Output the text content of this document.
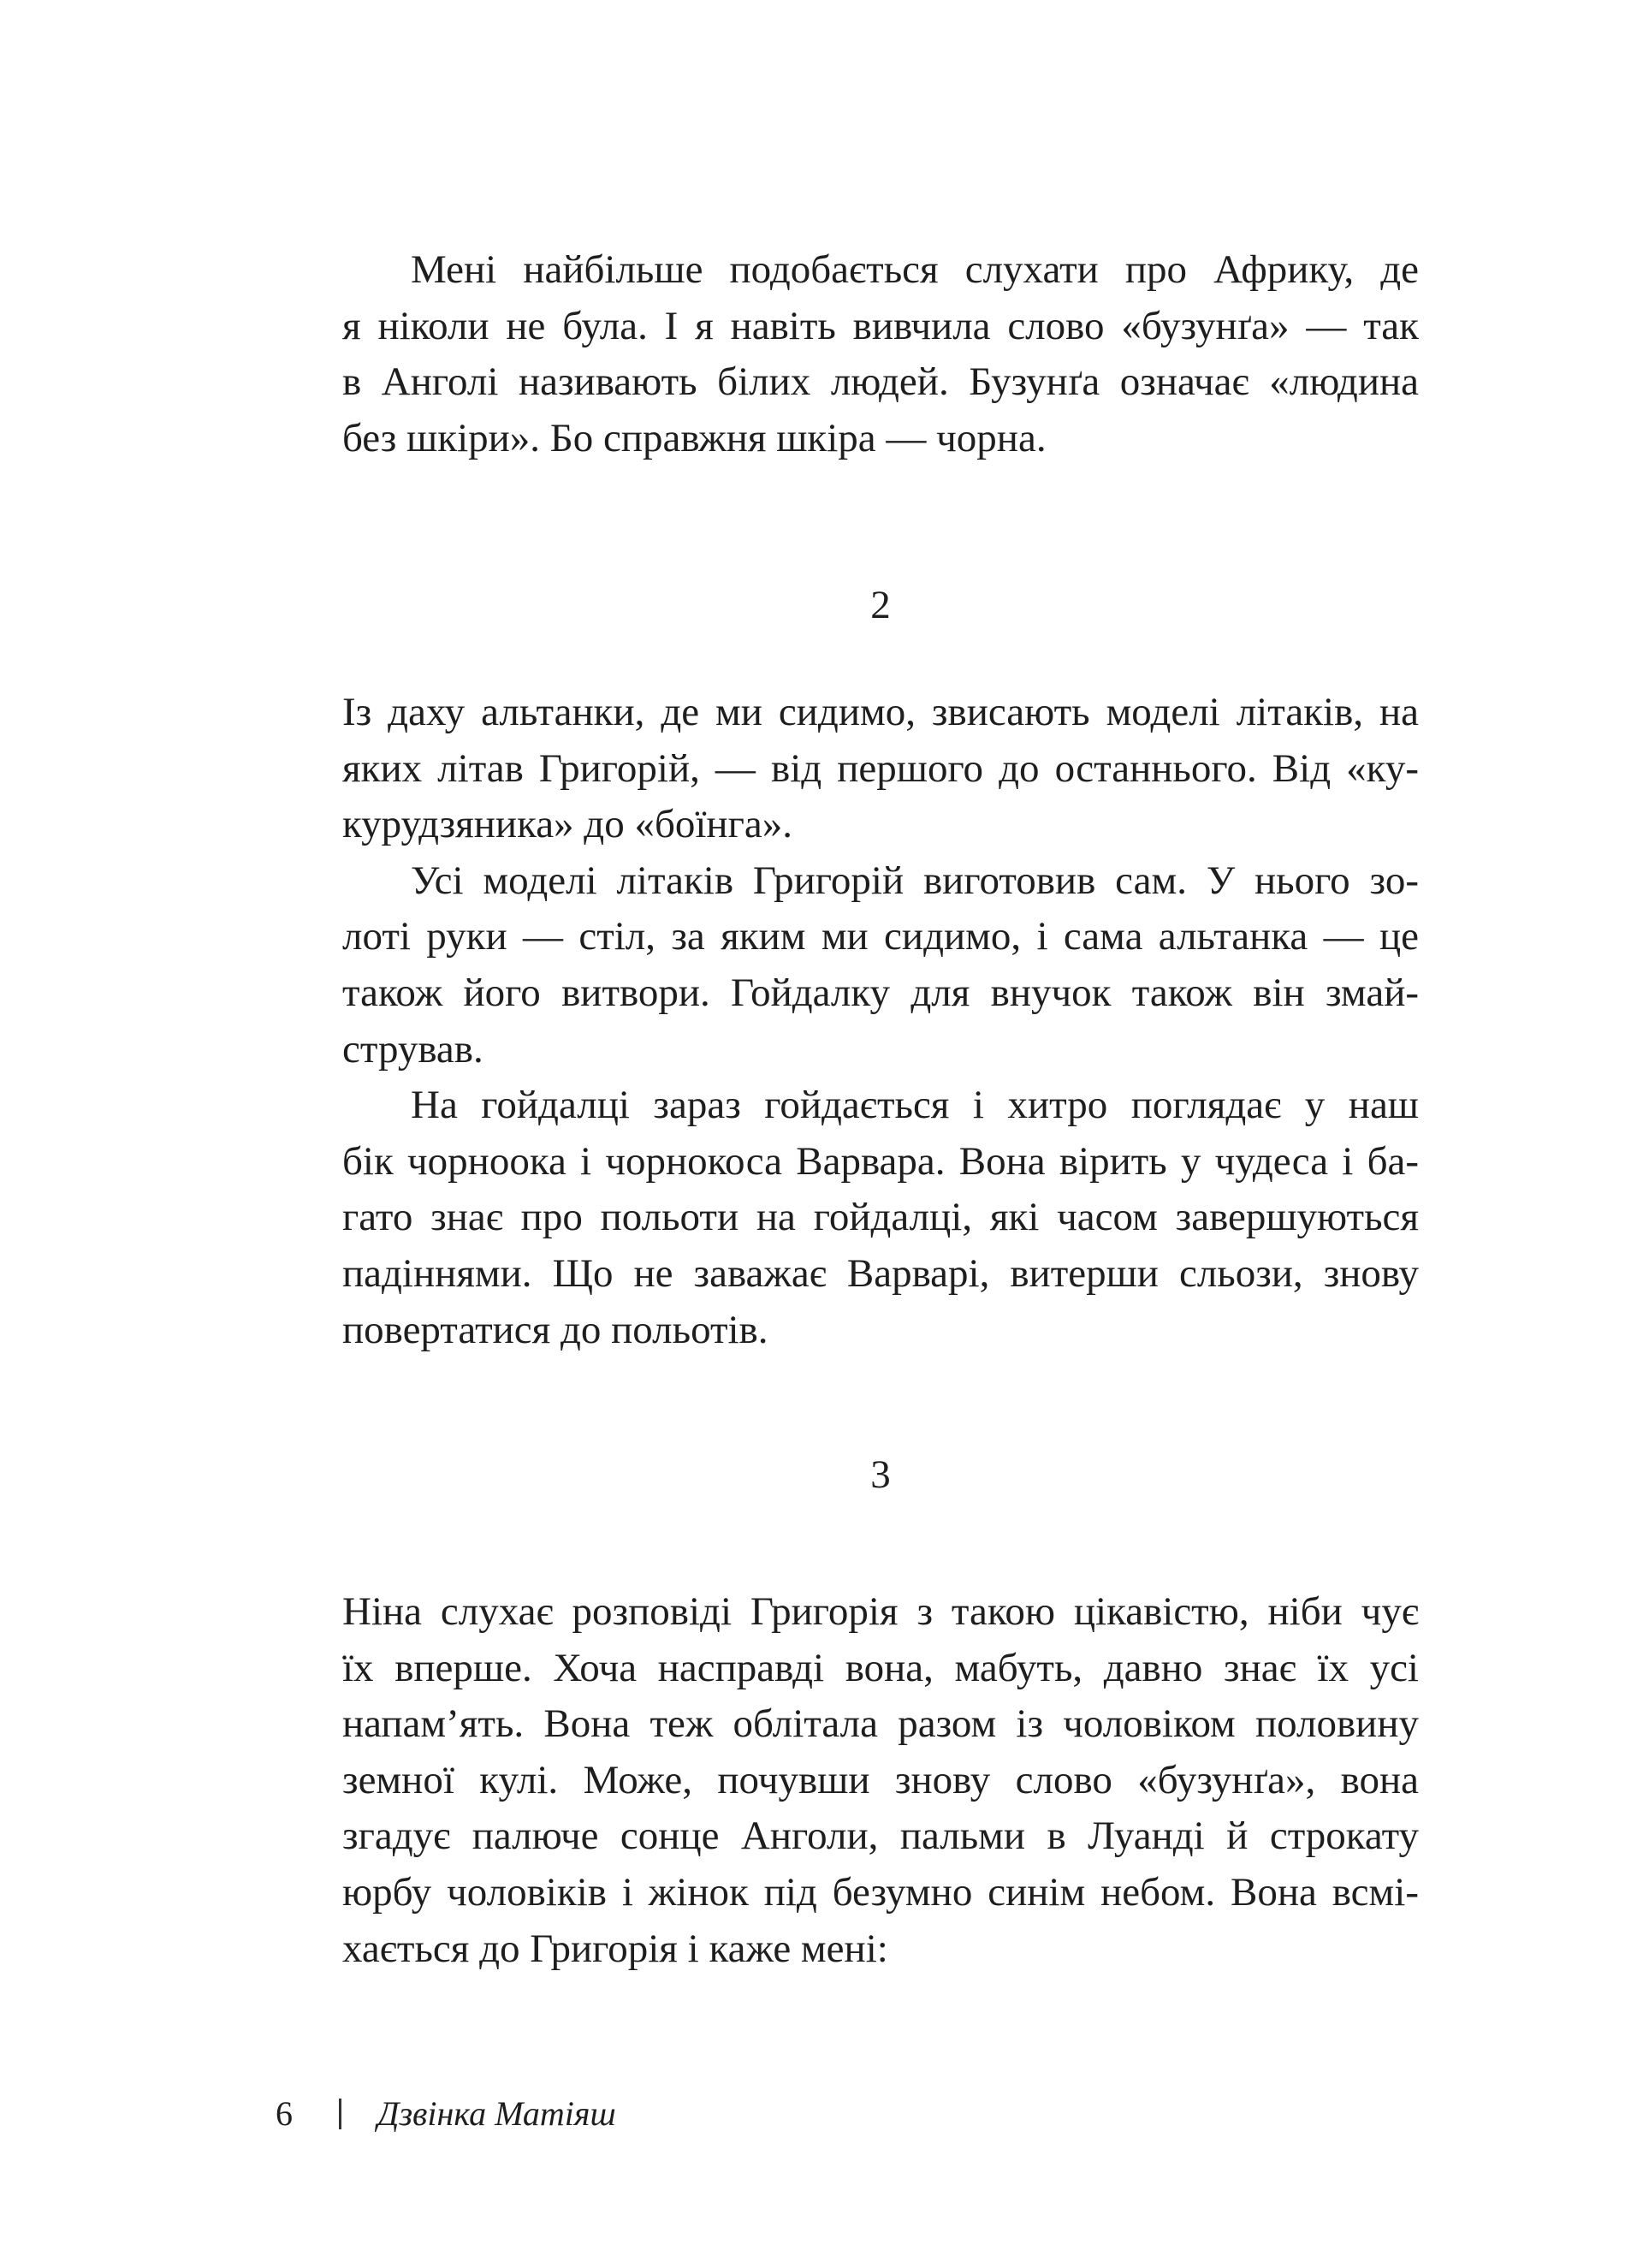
Мені найбільше подобається слухати про Африку, де
я ніколи не була. І я навіть вивчила слово «бузунґа» — так
в Анголі називають білих людей. Бузунґа означає «людина
без шкіри». Бо справжня шкіра — чорна.
2
Із даху альтанки, де ми сидимо, звисають моделі літаків, на
яких літав Григорій, — від першого до останнього. Від «ку-
курудзяника» до «боїнга».
Усі моделі літаків Григорій виготовив сам. У нього зо-
лоті руки — стіл, за яким ми сидимо, і сама альтанка — це
також його витвори. Гойдалку для внучок також він змай-
стрував.
На гойдалці зараз гойдається і хитро поглядає у наш
бік чорноока і чорнокоса Варвара. Вона вірить у чудеса і ба-
гато знає про польоти на гойдалці, які часом завершуються
падіннями. Що не заважає Варварі, витерши сльози, знову
повертатися до польотів.
3
Ніна слухає розповіді Григорія з такою цікавістю, ніби чує
їх вперше. Хоча насправді вона, мабуть, давно знає їх усі
напам’ять. Вона теж облітала разом із чоловіком половину
земної кулі. Може, почувши знову слово «бузунґа», вона
згадує палюче сонце Анголи, пальми в Луанді й строкату
юрбу чоловіків і жінок під безумно синім небом. Вона всмі-
хається до Григорія і каже мені:
6	Дзвінка Матіяш
